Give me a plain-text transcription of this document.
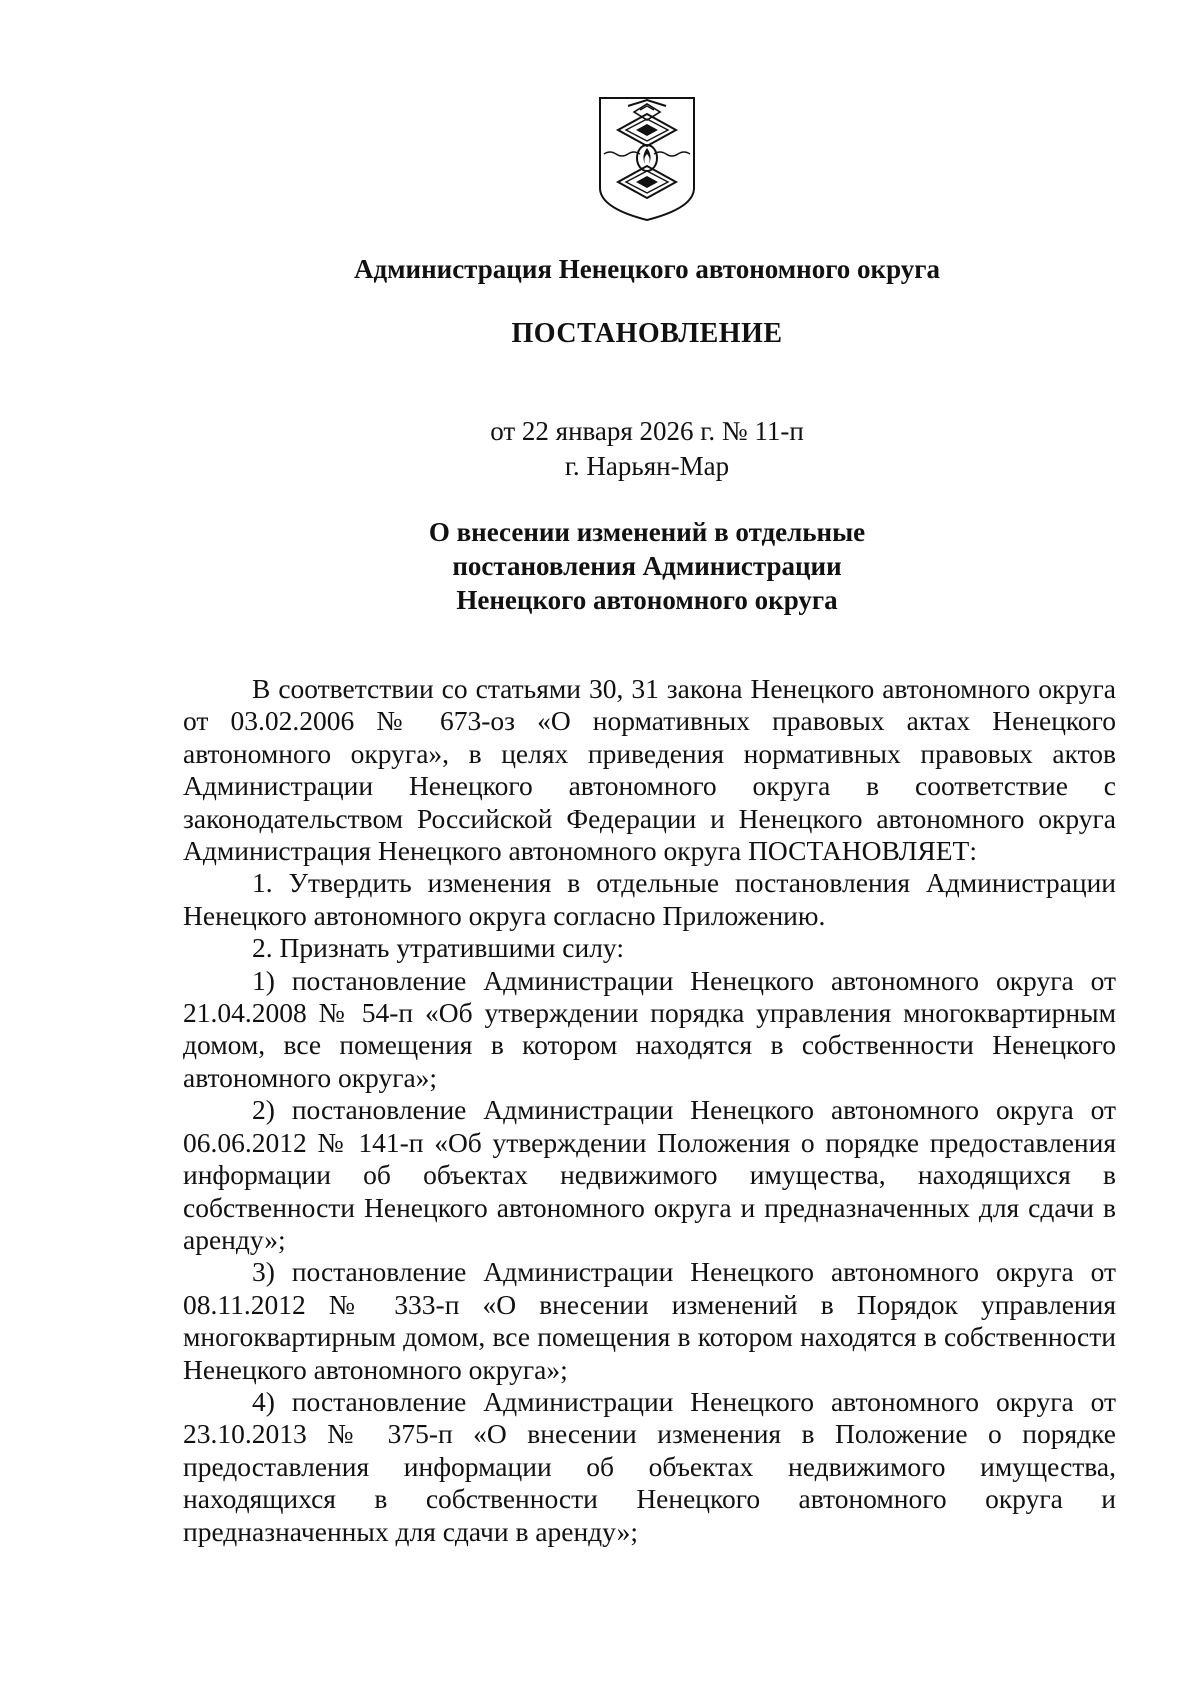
Администрация Ненецкого автономного округа
ПОСТАНОВЛЕНИЕ
от 22 января 2026 г. № 11-п
г. Нарьян-Мар
О внесении изменений в отдельные
постановления Администрации
Ненецкого автономного округа

В соответствии со статьями 30, 31 закона Ненецкого автономного округа от 03.02.2006 № 673-оз «О нормативных правовых актах Ненецкого автономного округа», в целях приведения нормативных правовых актов Администрации Ненецкого автономного округа в соответствие с законодательством Российской Федерации и Ненецкого автономного округа Администрация Ненецкого автономного округа ПОСТАНОВЛЯЕТ:

1. Утвердить изменения в отдельные постановления Администрации Ненецкого автономного округа согласно Приложению.

2. Признать утратившими силу:

1) постановление Администрации Ненецкого автономного округа от 21.04.2008 № 54-п «Об утверждении порядка управления многоквартирным домом, все помещения в котором находятся в собственности Ненецкого автономного округа»;

2) постановление Администрации Ненецкого автономного округа от 06.06.2012 № 141-п «Об утверждении Положения о порядке предоставления информации об объектах недвижимого имущества, находящихся в собственности Ненецкого автономного округа и предназначенных для сдачи в аренду»;

3) постановление Администрации Ненецкого автономного округа от 08.11.2012 № 333-п «О внесении изменений в Порядок управления многоквартирным домом, все помещения в котором находятся в собственности Ненецкого автономного округа»;

4) постановление Администрации Ненецкого автономного округа от 23.10.2013 № 375-п «О внесении изменения в Положение о порядке предоставления информации об объектах недвижимого имущества, находящихся в собственности Ненецкого автономного округа и предназначенных для сдачи в аренду»;
